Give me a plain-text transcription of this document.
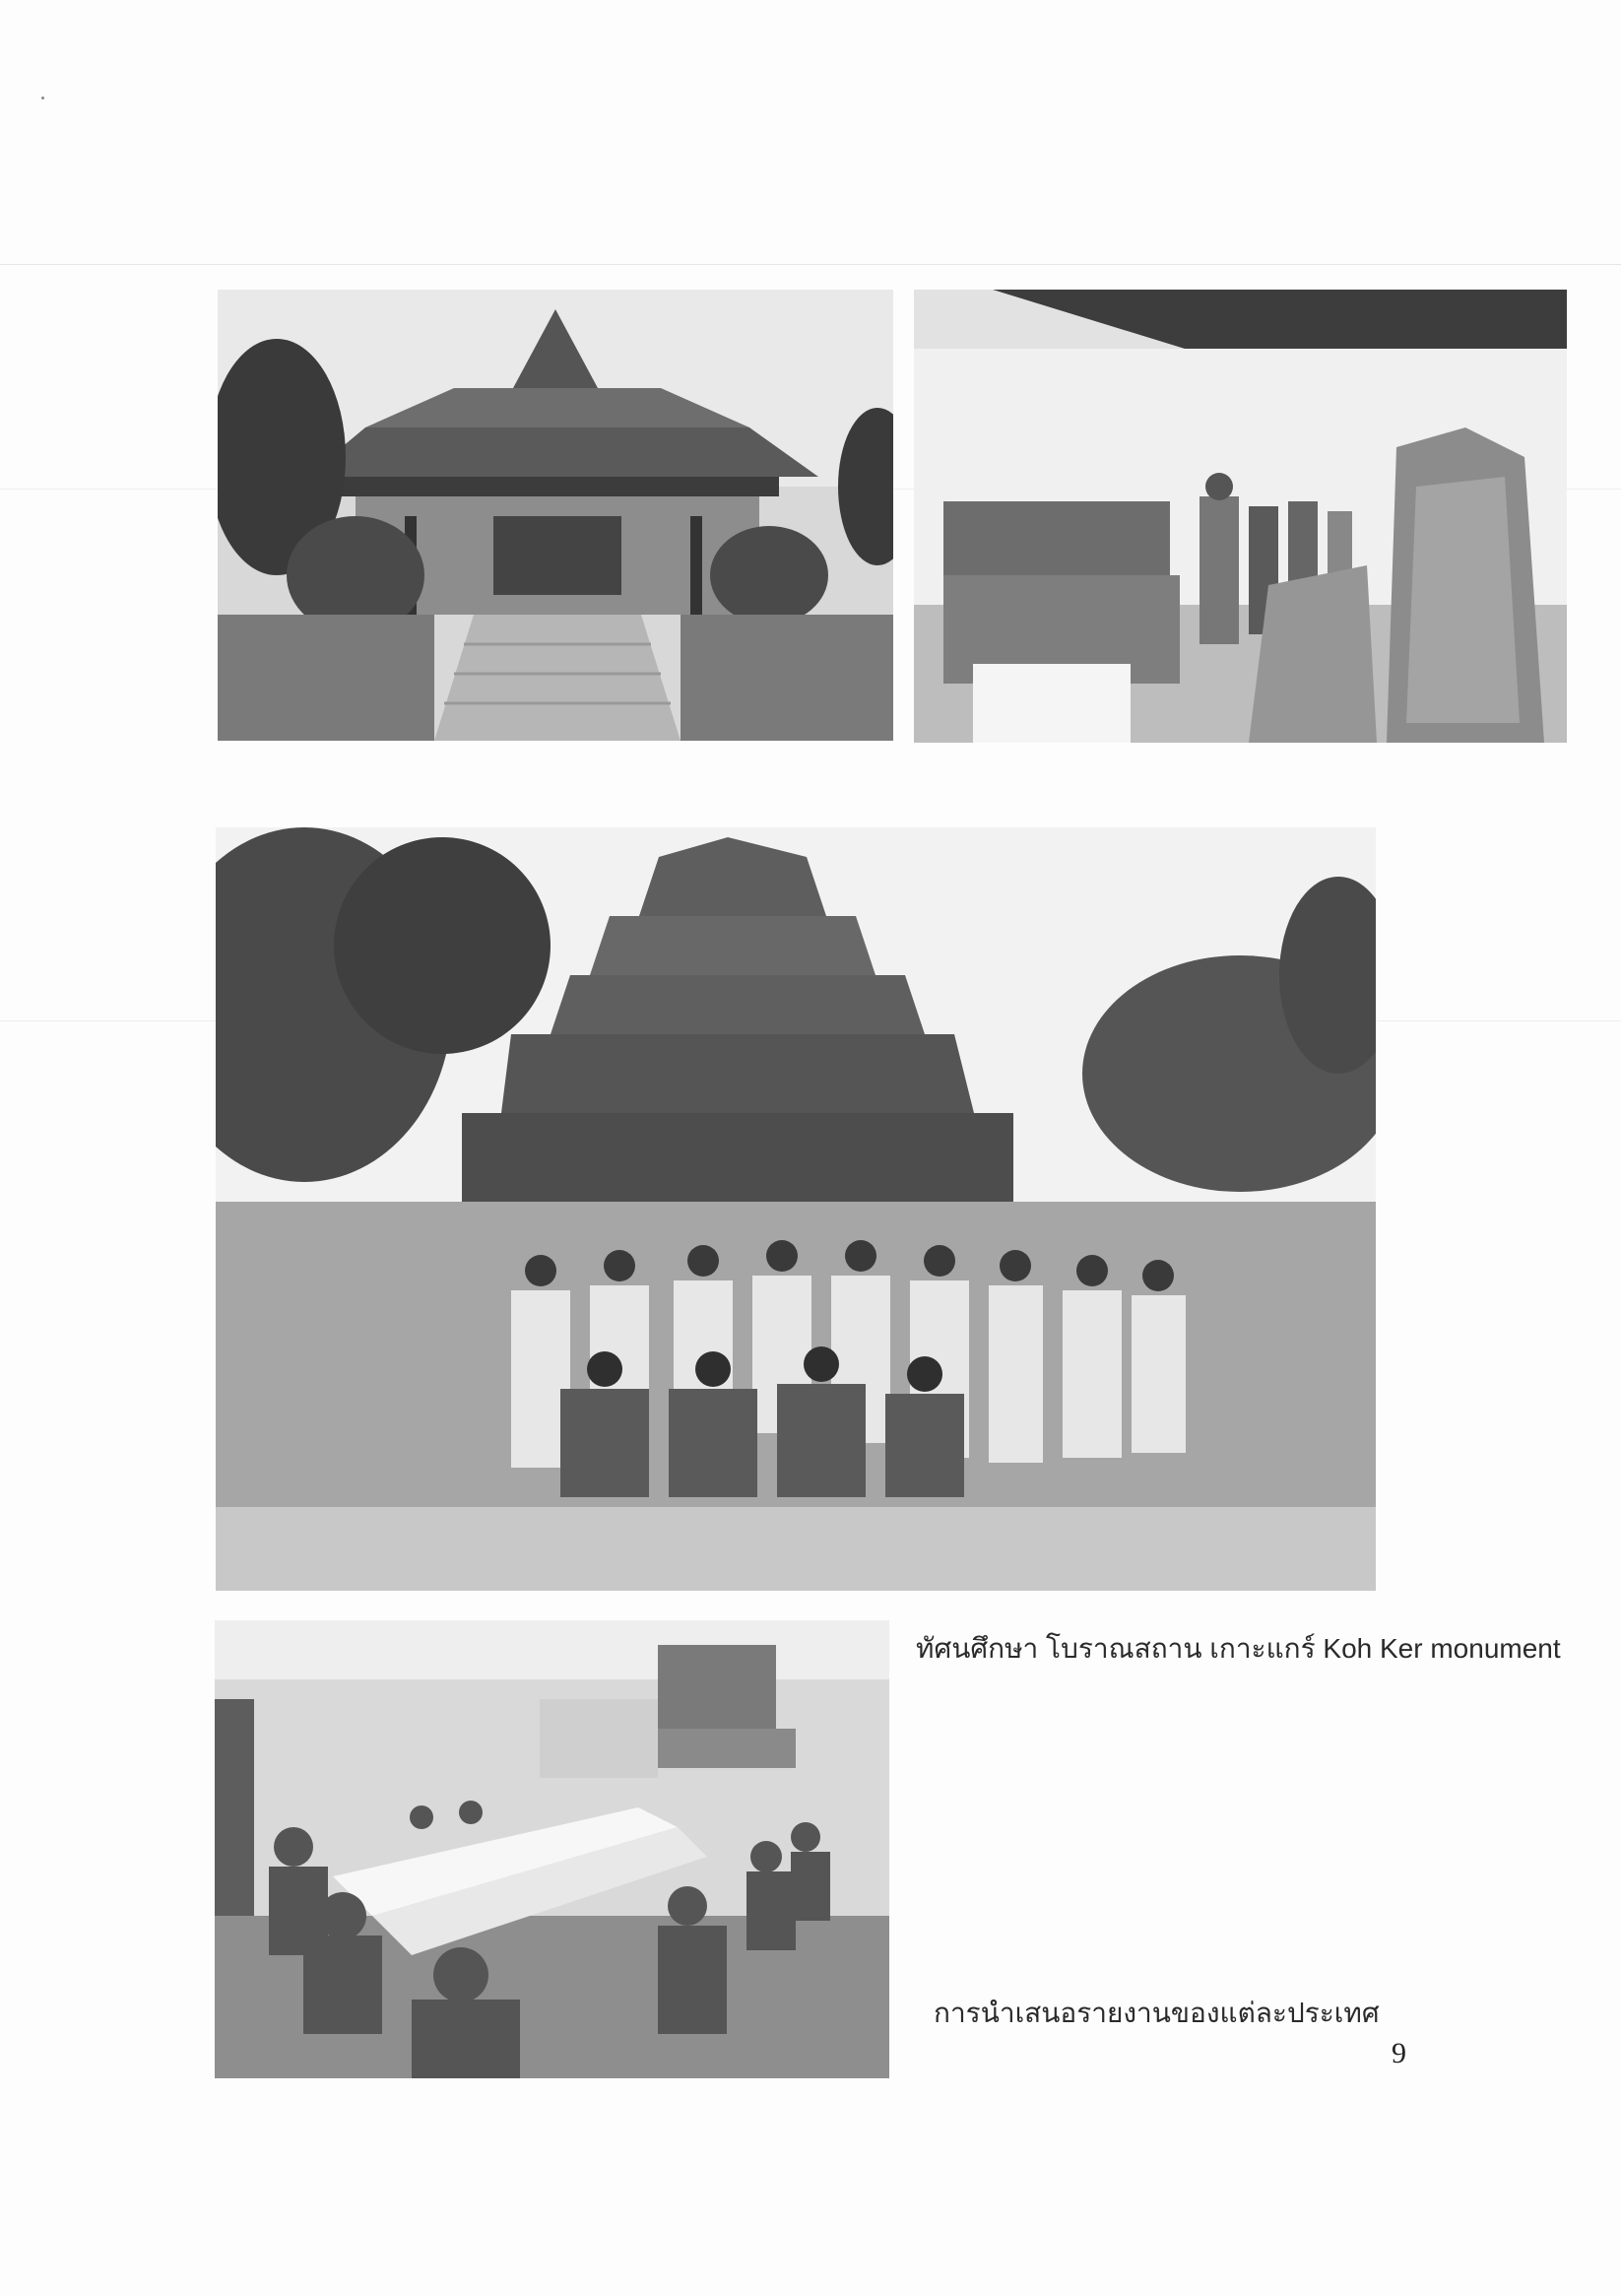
ทัศนศึกษา โบราณสถาน เกาะแกร์ Koh Ker monument
การนำเสนอรายงานของแต่ละประเทศ
9
